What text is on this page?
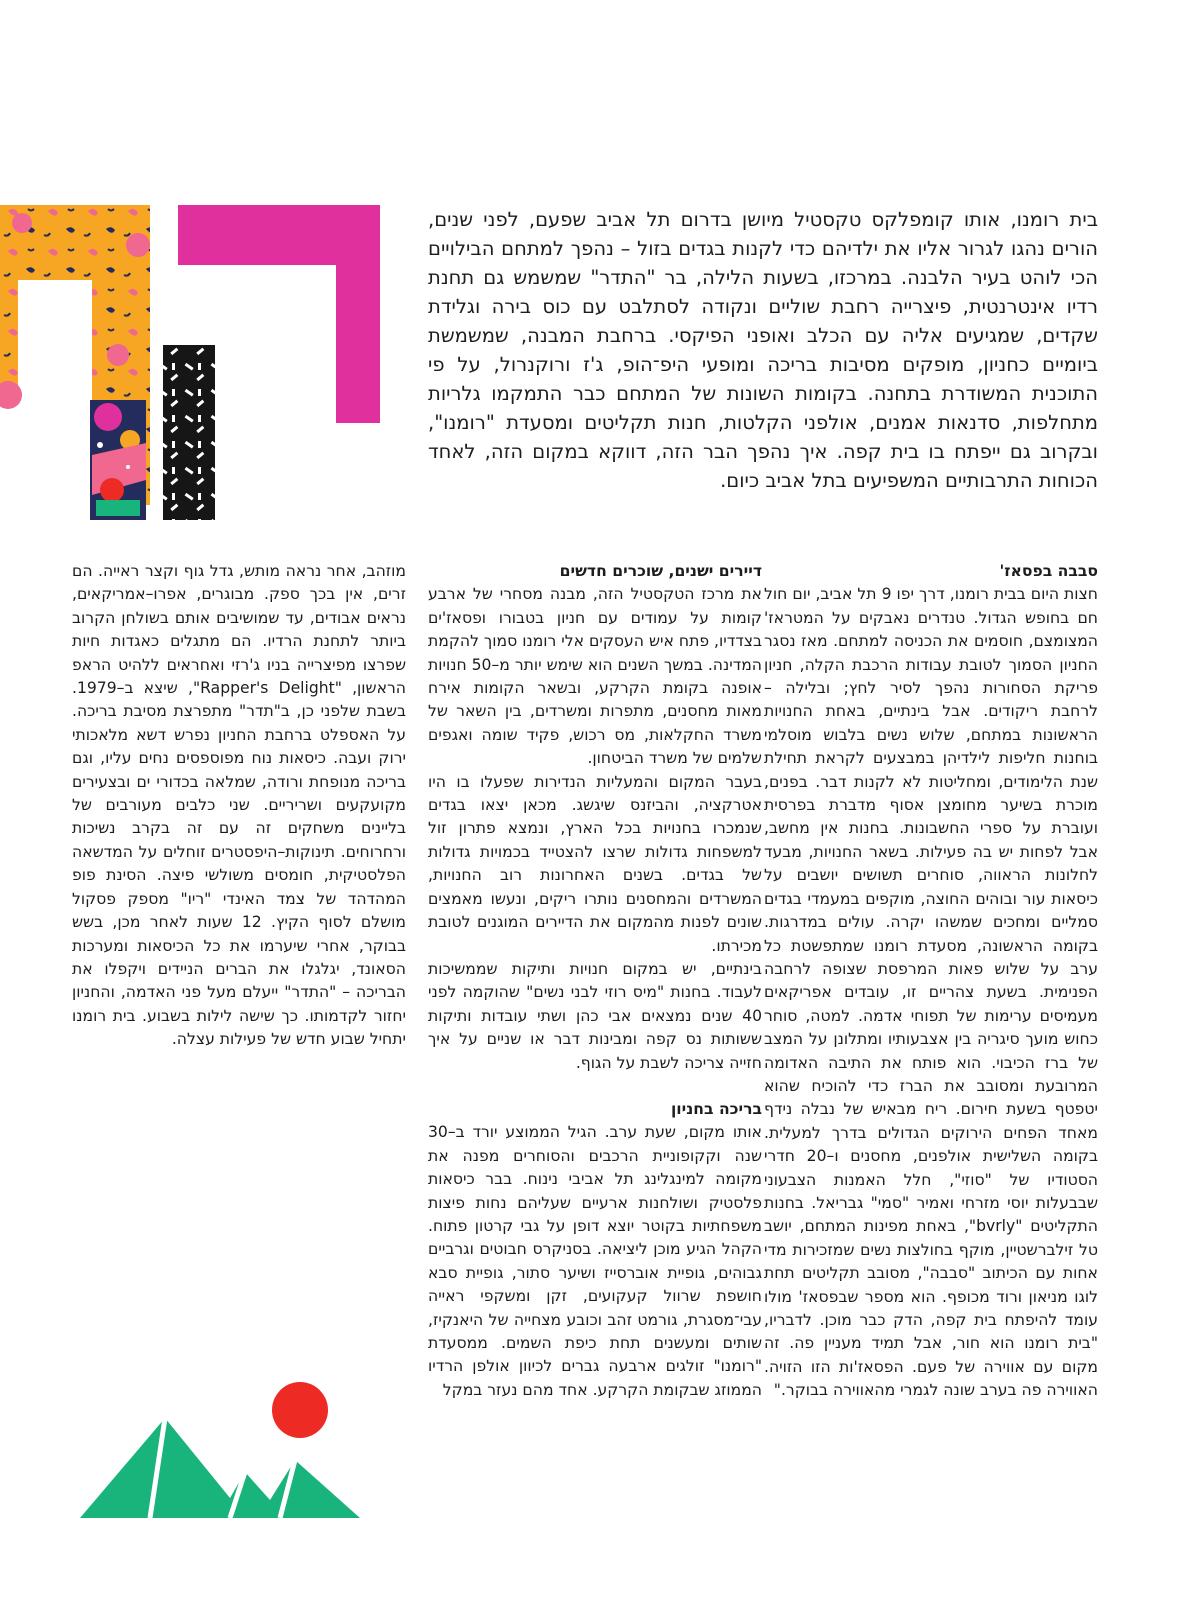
בית רומנו, אותו קומפלקס טקסטיל מיושן בדרום תל אביב שפעם, לפני שנים, הורים נהגו לגרור אליו את ילדיהם כדי לקנות בגדים בזול – נהפך למתחם הבילויים הכי לוהט בעיר הלבנה. במרכזו, בשעות הלילה, בר "התדר" שמשמש גם תחנת רדיו אינטרנטית, פיצרייה רחבת שוליים ונקודה לסתלבט עם כוס בירה וגלידת שקדים, שמגיעים אליה עם הכלב ואופני הפיקסי. ברחבת המבנה, שמשמשת ביומיים כחניון, מופקים מסיבות בריכה ומופעי היפ־הופ, ג'ז ורוקנרול, על פי התוכנית המשודרת בתחנה. בקומות השונות של המתחם כבר התמקמו גלריות מתחלפות, סדנאות אמנים, אולפני הקלטות, חנות תקליטים ומסעדת "רומנו", ובקרוב גם ייפתח בו בית קפה. איך נהפך הבר הזה, דווקא במקום הזה, לאחד הכוחות התרבותיים המשפיעים בתל אביב כיום.

סבבה בפסאז'

חצות היום בבית רומנו, דרך יפו 9 תל אביב, יום חול חם בחופש הגדול. טנדרים נאבקים על המטראז' המצומצם, חוסמים את הכניסה למתחם. מאז נסגר החניון הסמוך לטובת עבודות הרכבת הקלה, חניון פריקת הסחורות נהפך לסיר לחץ; ובלילה – לרחבת ריקודים. אבל בינתיים, באחת החנויות הראשונות במתחם, שלוש נשים בלבוש מוסלמי בוחנות חליפות לילדיהן במבצעים לקראת תחילת שנת הלימודים, ומחליטות לא לקנות דבר. בפנים, מוכרת בשיער מחומצן אסוף מדברת בפרסית ועוברת על ספרי החשבונות. בחנות אין מחשב, אבל לפחות יש בה פעילות. בשאר החנויות, מבעד לחלונות הראווה, סוחרים תשושים יושבים על כיסאות עור ובוהים החוצה, מוקפים במעמדי בגדים סמליים ומחכים שמשהו יקרה. עולים במדרגות. בקומה הראשונה, מסעדת רומנו שמתפשטת כל ערב על שלוש פאות המרפסת שצופה לרחבה הפנימית. בשעת צהריים זו, עובדים אפריקאים מעמיסים ערימות של תפוחי אדמה. למטה, סוחר כחוש מועך סיגריה בין אצבעותיו ומתלונן על המצב של ברז הכיבוי. הוא פותח את התיבה האדומה המרובעת ומסובב את הברז כדי להוכיח שהוא יטפטף בשעת חירום. ריח מבאיש של נבלה נידף מאחד הפחים הירוקים הגדולים בדרך למעלית. בקומה השלישית אולפנים, מחסנים ו–20 חדרי הסטודיו של "סוזי", חלל האמנות הצבעוני שבבעלות יוסי מזרחי ואמיר "סמי" גבריאל. בחנות התקליטים "bvrly", באחת מפינות המתחם, יושב טל זילברשטיין, מוקף בחולצות נשים שמזכירות מדי אחות עם הכיתוב "סבבה", מסובב תקליטים תחת לוגו מניאון ורוד מכופף. הוא מספר שבפסאז' מולו עומד להיפתח בית קפה, הדק כבר מוכן. לדבריו, "בית רומנו הוא חור, אבל תמיד מעניין פה. זה מקום עם אווירה של פעם. הפסאז'ות הזו הזויה. האווירה פה בערב שונה לגמרי מהאווירה בבוקר."

דיירים ישנים, שוכרים חדשים

את מרכז הטקסטיל הזה, מבנה מסחרי של ארבע קומות על עמודים עם חניון בטבורו ופסאז'ים בצדדיו, פתח איש העסקים אלי רומנו סמוך להקמת המדינה. במשך השנים הוא שימש יותר מ–50 חנויות אופנה בקומת הקרקע, ובשאר הקומות אירח מאות מחסנים, מתפרות ומשרדים, בין השאר של משרד החקלאות, מס רכוש, פקיד שומה ואגפים שלמים של משרד הביטחון.

בעבר המקום והמעליות הנדירות שפעלו בו היו אטרקציה, והביזנס שיגשג. מכאן יצאו בגדים שנמכרו בחנויות בכל הארץ, ונמצא פתרון זול למשפחות גדולות שרצו להצטייד בכמויות גדולות של בגדים. בשנים האחרונות רוב החנויות, המשרדים והמחסנים נותרו ריקים, ונעשו מאמצים שונים לפנות מהמקום את הדיירים המוגנים לטובת מכירתו.

בינתיים, יש במקום חנויות ותיקות שממשיכות לעבוד. בחנות "מיס רוזי לבני נשים" שהוקמה לפני 40 שנים נמצאים אבי כהן ושתי עובדות ותיקות ששותות נס קפה ומבינות דבר או שניים על איך חזייה צריכה לשבת על הגוף.

בריכה בחניון

אותו מקום, שעת ערב. הגיל הממוצע יורד ב–30 שנה וקקופוניית הרכבים והסוחרים מפנה את מקומה למינגלינג תל אביבי נינוח. בבר כיסאות פלסטיק ושולחנות ארעיים שעליהם נחות פיצות משפחתיות בקוטר יוצא דופן על גבי קרטון פתוח. הקהל הגיע מוכן ליציאה. בסניקרס חבוטים וגרביים גבוהים, גופיית אוברסייז ושיער סתור, גופיית סבא חושפת שרוול קעקועים, זקן ומשקפי ראייה עבי־מסגרת, גורמט זהב וכובע מצחייה של היאנקיז, שותים ומעשנים תחת כיפת השמים. ממסעדת "רומנו" זולגים ארבעה גברים לכיוון אולפן הרדיו הממוזג שבקומת הקרקע. אחד מהם נעזר במקל

מוזהב, אחר נראה מותש, גדל גוף וקצר ראייה. הם זרים, אין בכך ספק. מבוגרים, אפרו–אמריקאים, נראים אבודים, עד שמושיבים אותם בשולחן הקרוב ביותר לתחנת הרדיו. הם מתגלים כאגדות חיות שפרצו מפיצרייה בניו ג'רזי ואחראים ללהיט הראפ הראשון, "Rapper's Delight", שיצא ב–1979. בשבת שלפני כן, ב"תדר" מתפרצת מסיבת בריכה. על האספלט ברחבת החניון נפרש דשא מלאכותי ירוק ועבה. כיסאות נוח מפוספסים נחים עליו, וגם בריכה מנופחת ורודה, שמלאה בכדורי ים ובצעירים מקועקעים ושריריים. שני כלבים מעורבים של בליינים משחקים זה עם זה בקרב נשיכות ורחרוחים. תינוקות–היפסטרים זוחלים על המדשאה הפלסטיקית, חומסים משולשי פיצה. הסינת פופ המהדהד של צמד האינדי "ריו" מספק פסקול מושלם לסוף הקיץ. 12 שעות לאחר מכן, בשש בבוקר, אחרי שיערמו את כל הכיסאות ומערכות הסאונד, יגלגלו את הברים הניידים ויקפלו את הבריכה – "התדר" ייעלם מעל פני האדמה, והחניון יחזור לקדמותו. כך שישה לילות בשבוע. בית רומנו יתחיל שבוע חדש של פעילות עצלה.
